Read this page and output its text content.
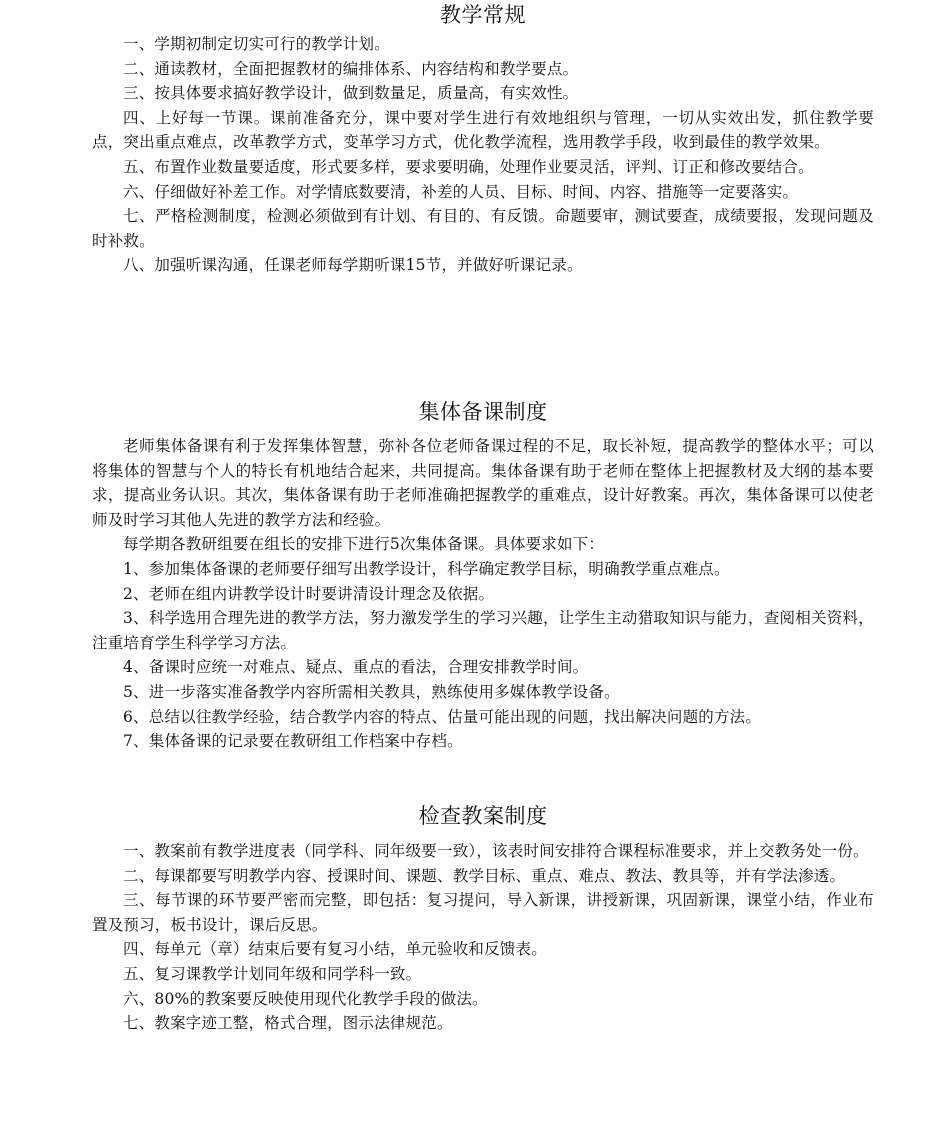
教学常规

一、学期初制定切实可行的教学计划。

二、通读教材，全面把握教材的编排体系、内容结构和教学要点。

三、按具体要求搞好教学设计，做到数量足，质量高，有实效性。

四、上好每一节课。课前准备充分，课中要对学生进行有效地组织与管理，一切从实效出发，抓住教学要点，突出重点难点，改革教学方式，变革学习方式，优化教学流程，选用教学手段，收到最佳的教学效果。

五、布置作业数量要适度，形式要多样，要求要明确，处理作业要灵活，评判、订正和修改要结合。

六、仔细做好补差工作。对学情底数要清，补差的人员、目标、时间、内容、措施等一定要落实。

七、严格检测制度，检测必须做到有计划、有目的、有反馈。命题要审，测试要查，成绩要报，发现问题及时补救。

八、加强听课沟通，任课老师每学期听课15节，并做好听课记录。

集体备课制度

老师集体备课有利于发挥集体智慧，弥补各位老师备课过程的不足，取长补短，提高教学的整体水平；可以将集体的智慧与个人的特长有机地结合起来，共同提高。集体备课有助于老师在整体上把握教材及大纲的基本要求，提高业务认识。其次，集体备课有助于老师准确把握教学的重难点，设计好教案。再次，集体备课可以使老师及时学习其他人先进的教学方法和经验。

每学期各教研组要在组长的安排下进行5次集体备课。具体要求如下：

1、参加集体备课的老师要仔细写出教学设计，科学确定教学目标，明确教学重点难点。

2、老师在组内讲教学设计时要讲清设计理念及依据。

3、科学选用合理先进的教学方法，努力激发学生的学习兴趣，让学生主动猎取知识与能力，查阅相关资料，注重培育学生科学学习方法。

4、备课时应统一对难点、疑点、重点的看法，合理安排教学时间。

5、进一步落实准备教学内容所需相关教具，熟练使用多媒体教学设备。

6、总结以往教学经验，结合教学内容的特点、估量可能出现的问题，找出解决问题的方法。

7、集体备课的记录要在教研组工作档案中存档。

检查教案制度

一、教案前有教学进度表（同学科、同年级要一致），该表时间安排符合课程标准要求，并上交教务处一份。

二、每课都要写明教学内容、授课时间、课题、教学目标、重点、难点、教法、教具等，并有学法渗透。

三、每节课的环节要严密而完整，即包括：复习提问，导入新课，讲授新课，巩固新课，课堂小结，作业布置及预习，板书设计，课后反思。

四、每单元（章）结束后要有复习小结，单元验收和反馈表。

五、复习课教学计划同年级和同学科一致。

六、80%的教案要反映使用现代化教学手段的做法。

七、教案字迹工整，格式合理，图示法律规范。
